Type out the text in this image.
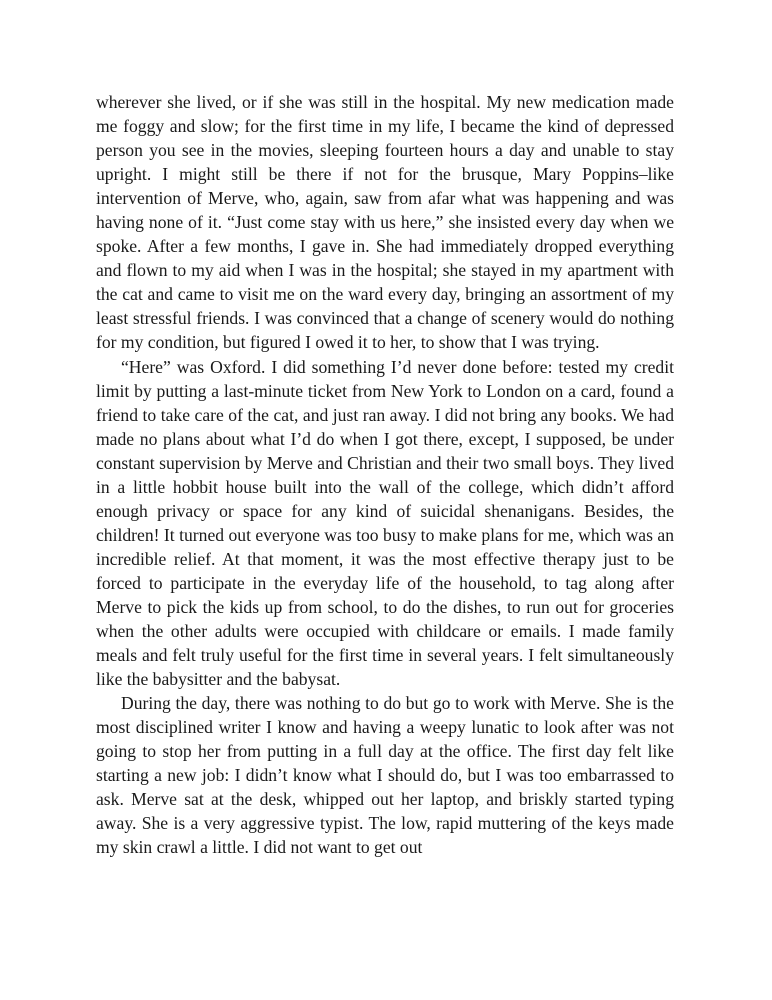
wherever she lived, or if she was still in the hospital. My new medication made me foggy and slow; for the first time in my life, I became the kind of depressed person you see in the movies, sleeping fourteen hours a day and unable to stay upright. I might still be there if not for the brusque, Mary Poppins–like intervention of Merve, who, again, saw from afar what was happening and was having none of it. “Just come stay with us here,” she insisted every day when we spoke. After a few months, I gave in. She had immediately dropped everything and flown to my aid when I was in the hospital; she stayed in my apartment with the cat and came to visit me on the ward every day, bringing an assortment of my least stressful friends. I was convinced that a change of scenery would do nothing for my condition, but figured I owed it to her, to show that I was trying.

“Here” was Oxford. I did something I’d never done before: tested my credit limit by putting a last-minute ticket from New York to London on a card, found a friend to take care of the cat, and just ran away. I did not bring any books. We had made no plans about what I’d do when I got there, except, I supposed, be under constant supervision by Merve and Christian and their two small boys. They lived in a little hobbit house built into the wall of the college, which didn’t afford enough privacy or space for any kind of suicidal shenanigans. Besides, the children! It turned out everyone was too busy to make plans for me, which was an incredible relief. At that moment, it was the most effective therapy just to be forced to participate in the everyday life of the household, to tag along after Merve to pick the kids up from school, to do the dishes, to run out for groceries when the other adults were occupied with childcare or emails. I made family meals and felt truly useful for the first time in several years. I felt simultaneously like the babysitter and the babysat.

During the day, there was nothing to do but go to work with Merve. She is the most disciplined writer I know and having a weepy lunatic to look after was not going to stop her from putting in a full day at the office. The first day felt like starting a new job: I didn’t know what I should do, but I was too embarrassed to ask. Merve sat at the desk, whipped out her laptop, and briskly started typing away. She is a very aggressive typist. The low, rapid muttering of the keys made my skin crawl a little. I did not want to get out
